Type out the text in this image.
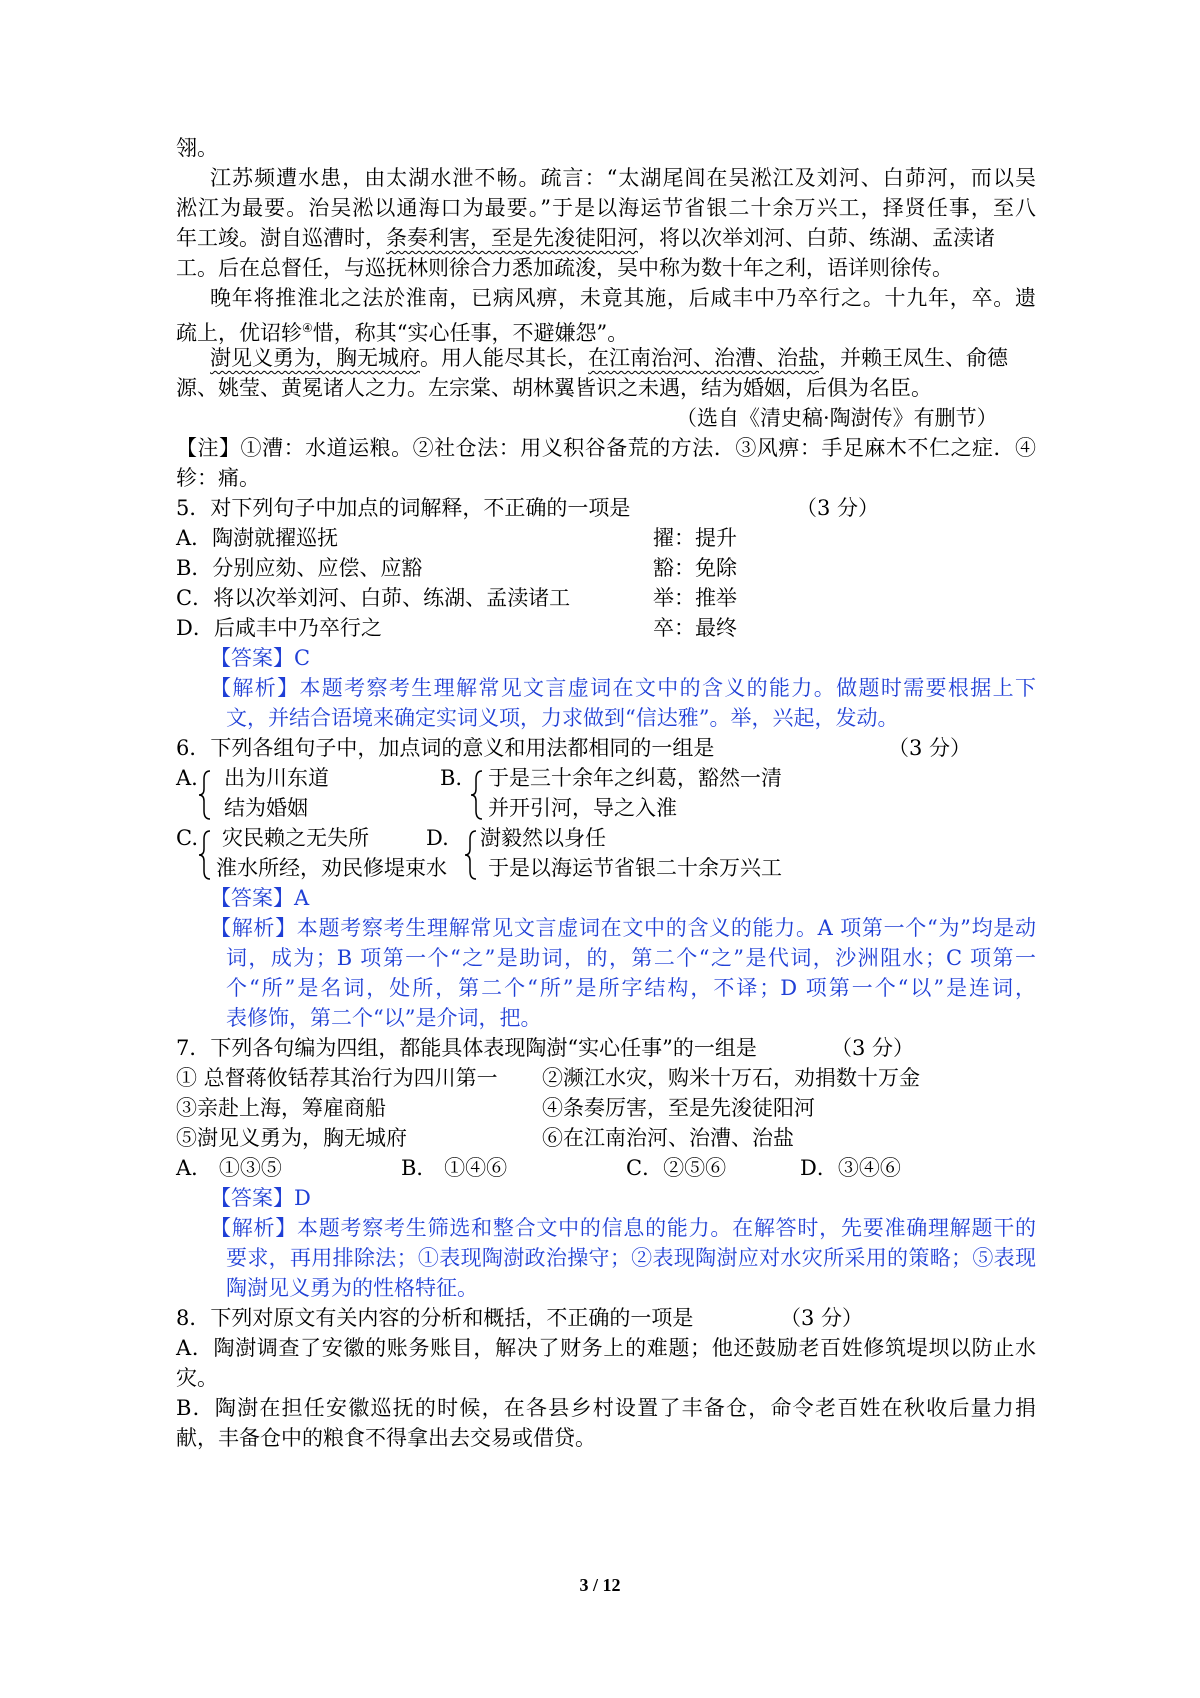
翎。
江苏频遭水患，由太湖水泄不畅。疏言：“太湖尾闾在吴淞江及刘河、白茆河，而以吴
淞江为最要。治吴淞以通海口为最要。”于是以海运节省银二十余万兴工，择贤任事，至八
年工竣。澍自巡漕时，条奏利害，至是先浚徒阳河，将以次举刘河、白茆、练湖、孟渎诸
工。后在总督任，与巡抚林则徐合力悉加疏浚，吴中称为数十年之利，语详则徐传。
晚年将推淮北之法於淮南，已病风痹，未竟其施，后咸丰中乃卒行之。十九年，卒。遗
疏上，优诏轸④惜，称其“实心任事，不避嫌怨”。
澍见义勇为，胸无城府。用人能尽其长，在江南治河、治漕、治盐，并赖王凤生、俞德
源、姚莹、黄冕诸人之力。左宗棠、胡林翼皆识之未遇，结为婚姻，后俱为名臣。
（选自《清史稿·陶澍传》有删节）
【注】①漕：水道运粮。②社仓法：用义积谷备荒的方法．③风痹：手足麻木不仁之症．④
轸：痛。
5．对下列句子中加点的词解释，不正确的一项是	（3 分）
A．陶澍就擢巡抚	擢：提升
B．分别应劾、应偿、应豁	豁：免除
C．将以次举刘河、白茆、练湖、孟渎诸工	举：推举
D．后咸丰中乃卒行之	卒：最终
【答案】C
【解析】本题考察考生理解常见文言虚词在文中的含义的能力。做题时需要根据上下
文，并结合语境来确定实词义项，力求做到“信达雅”。举，兴起，发动。
6．下列各组句子中，加点词的意义和用法都相同的一组是	（3 分）
A.	出为川东道
结为婚姻
B.	于是三十余年之纠葛，豁然一清
并开引河，导之入淮
C.	灾民赖之无失所
淮水所经，劝民修堤束水
D.	澍毅然以身任
于是以海运节省银二十余万兴工
【答案】A
【解析】本题考察考生理解常见文言虚词在文中的含义的能力。A 项第一个“为”均是动
词，成为；B 项第一个“之”是助词，的，第二个“之”是代词，沙洲阻水；C 项第一
个“所”是名词，处所，第二个“所”是所字结构，不译；D 项第一个“以”是连词，
表修饰，第二个“以”是介词，把。
7．下列各句编为四组，都能具体表现陶澍“实心任事”的一组是	（3 分）
① 总督蒋攸铦荐其治行为四川第一 ②濒江水灾，购米十万石，劝捐数十万金
③亲赴上海，筹雇商船	④条奏厉害，至是先浚徒阳河
⑤澍见义勇为，胸无城府	⑥在江南治河、治漕、治盐
A． ①③⑤	B． ①④⑥	C．②⑤⑥	D．③④⑥
【答案】D
【解析】本题考察考生筛选和整合文中的信息的能力。在解答时，先要准确理解题干的
要求，再用排除法；①表现陶澍政治操守；②表现陶澍应对水灾所采用的策略；⑤表现
陶澍见义勇为的性格特征。
8．下列对原文有关内容的分析和概括，不正确的一项是	（3 分）
A．陶澍调查了安徽的账务账目，解决了财务上的难题；他还鼓励老百姓修筑堤坝以防止水
灾。
B．陶澍在担任安徽巡抚的时候，在各县乡村设置了丰备仓，命令老百姓在秋收后量力捐
献，丰备仓中的粮食不得拿出去交易或借贷。
3 / 12
